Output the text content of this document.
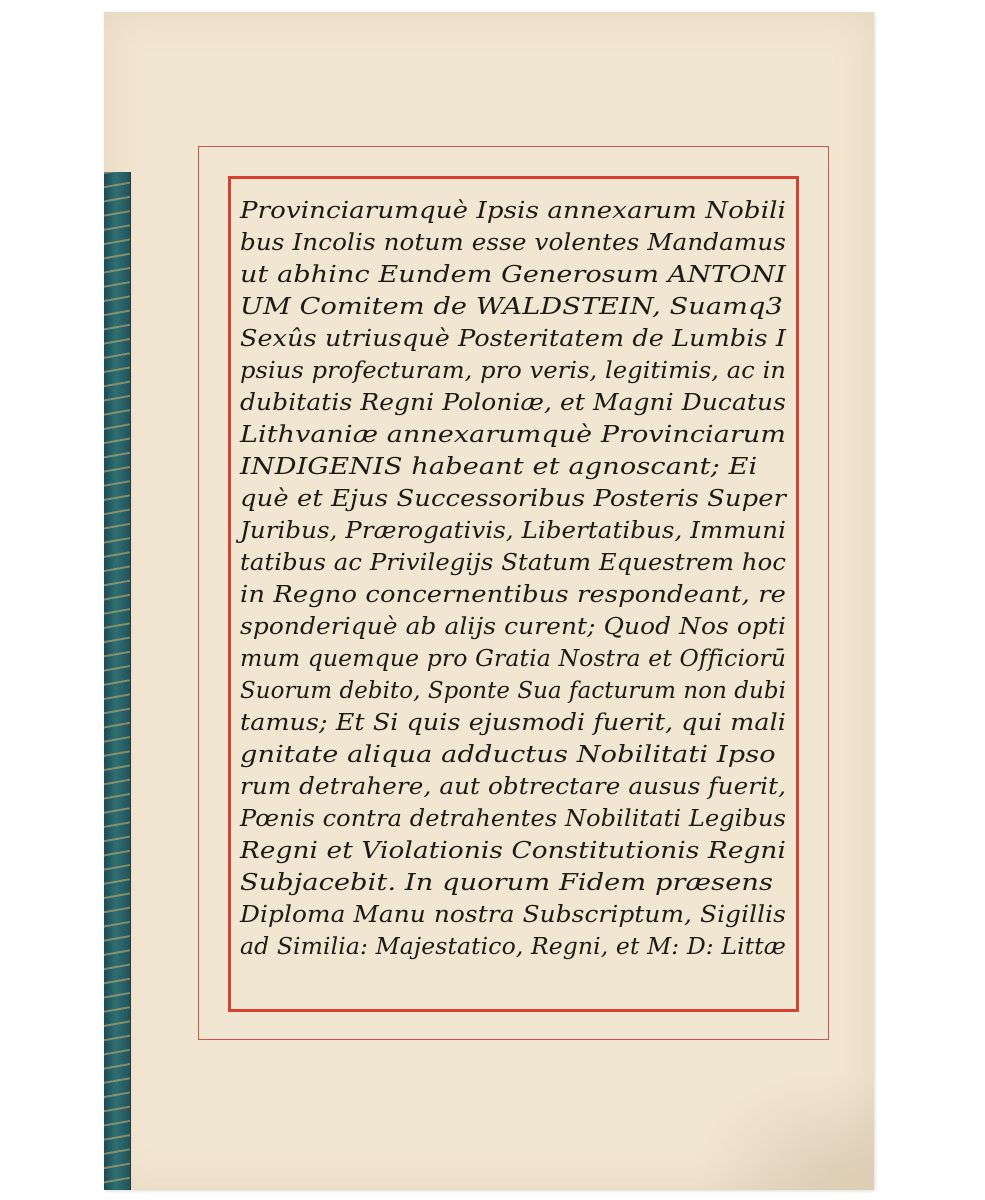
Provinciarumquè Ipsis annexarum Nobili
bus Incolis notum esse volentes Mandamus
ut abhinc Eundem Generosum ANTONI
UM Comitem de WALDSTEIN, Suamq3
Sexûs utriusquè Posteritatem de Lumbis I
psius profecturam, pro veris, legitimis, ac in
dubitatis Regni Poloniæ, et Magni Ducatus
Lithvaniæ annexarumquè Provinciarum
INDIGENIS habeant et agnoscant; Ei
què et Ejus Successoribus Posteris Super
Juribus, Prærogativis, Libertatibus, Immuni
tatibus ac Privilegijs Statum Equestrem hoc
in Regno concernentibus respondeant, re
sponderiquè ab alijs curent; Quod Nos opti
mum quemque pro Gratia Nostra et Officiorū
Suorum debito, Sponte Sua facturum non dubi
tamus; Et Si quis ejusmodi fuerit, qui mali
gnitate aliqua adductus Nobilitati Ipso
rum detrahere, aut obtrectare ausus fuerit,
Pœnis contra detrahentes Nobilitati Legibus
Regni et Violationis Constitutionis Regni
Subjacebit. In quorum Fidem præsens
Diploma Manu nostra Subscriptum, Sigillis
ad Similia: Majestatico, Regni, et M: D: Littæ
